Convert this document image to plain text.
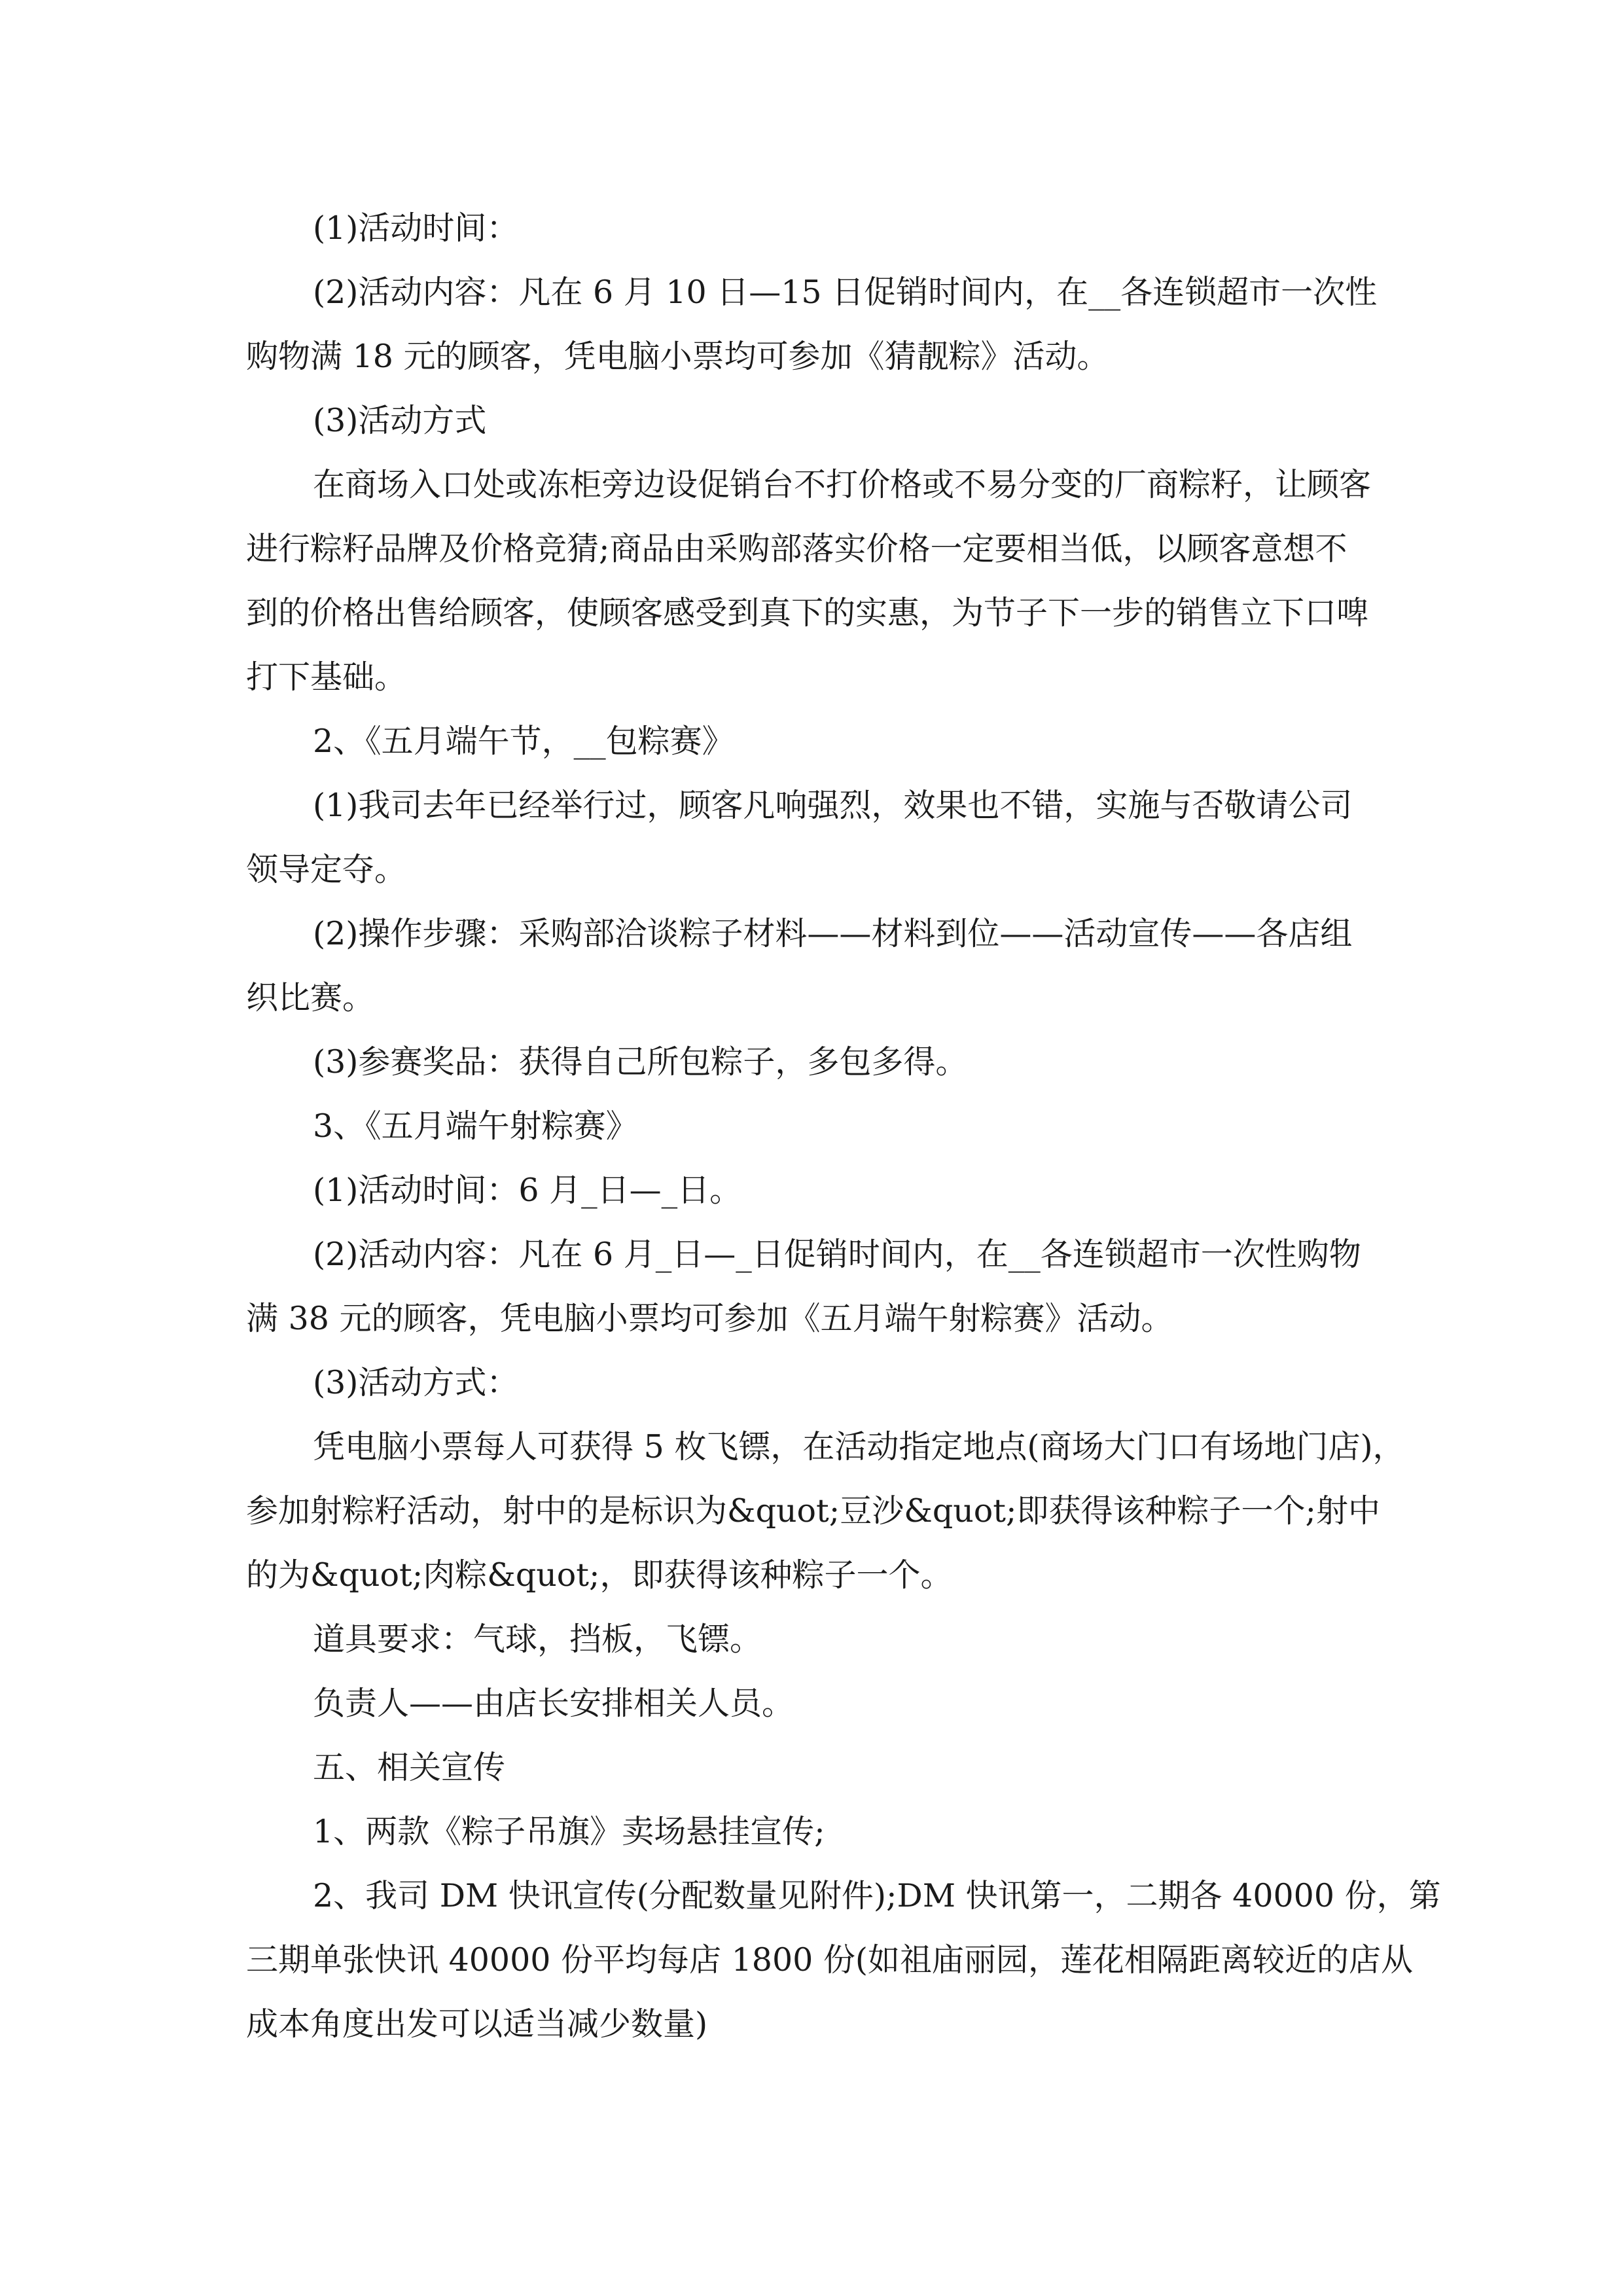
(1)活动时间：
(2)活动内容：凡在 6 月 10 日—15 日促销时间内，在__各连锁超市一次性
购物满 18 元的顾客，凭电脑小票均可参加《猜靓粽》活动。
(3)活动方式
在商场入口处或冻柜旁边设促销台不打价格或不易分变的厂商粽籽，让顾客
进行粽籽品牌及价格竞猜;商品由采购部落实价格一定要相当低，以顾客意想不
到的价格出售给顾客，使顾客感受到真下的实惠，为节子下一步的销售立下口啤
打下基础。
2、《五月端午节，__包粽赛》
(1)我司去年已经举行过，顾客凡响强烈，效果也不错，实施与否敬请公司
领导定夺。
(2)操作步骤：采购部洽谈粽子材料——材料到位——活动宣传——各店组
织比赛。
(3)参赛奖品：获得自己所包粽子，多包多得。
3、《五月端午射粽赛》
(1)活动时间：6 月_日—_日。
(2)活动内容：凡在 6 月_日—_日促销时间内，在__各连锁超市一次性购物
满 38 元的顾客，凭电脑小票均可参加《五月端午射粽赛》活动。
(3)活动方式：
凭电脑小票每人可获得 5 枚飞镖，在活动指定地点(商场大门口有场地门店)，
参加射粽籽活动，射中的是标识为&quot;豆沙&quot;即获得该种粽子一个;射中
的为&quot;肉粽&quot;，即获得该种粽子一个。
道具要求：气球，挡板，飞镖。
负责人——由店长安排相关人员。
五、相关宣传
1、两款《粽子吊旗》卖场悬挂宣传;
2、我司 DM 快讯宣传(分配数量见附件);DM 快讯第一，二期各 40000 份，第
三期单张快讯 40000 份平均每店 1800 份(如祖庙丽园，莲花相隔距离较近的店从
成本角度出发可以适当减少数量)
